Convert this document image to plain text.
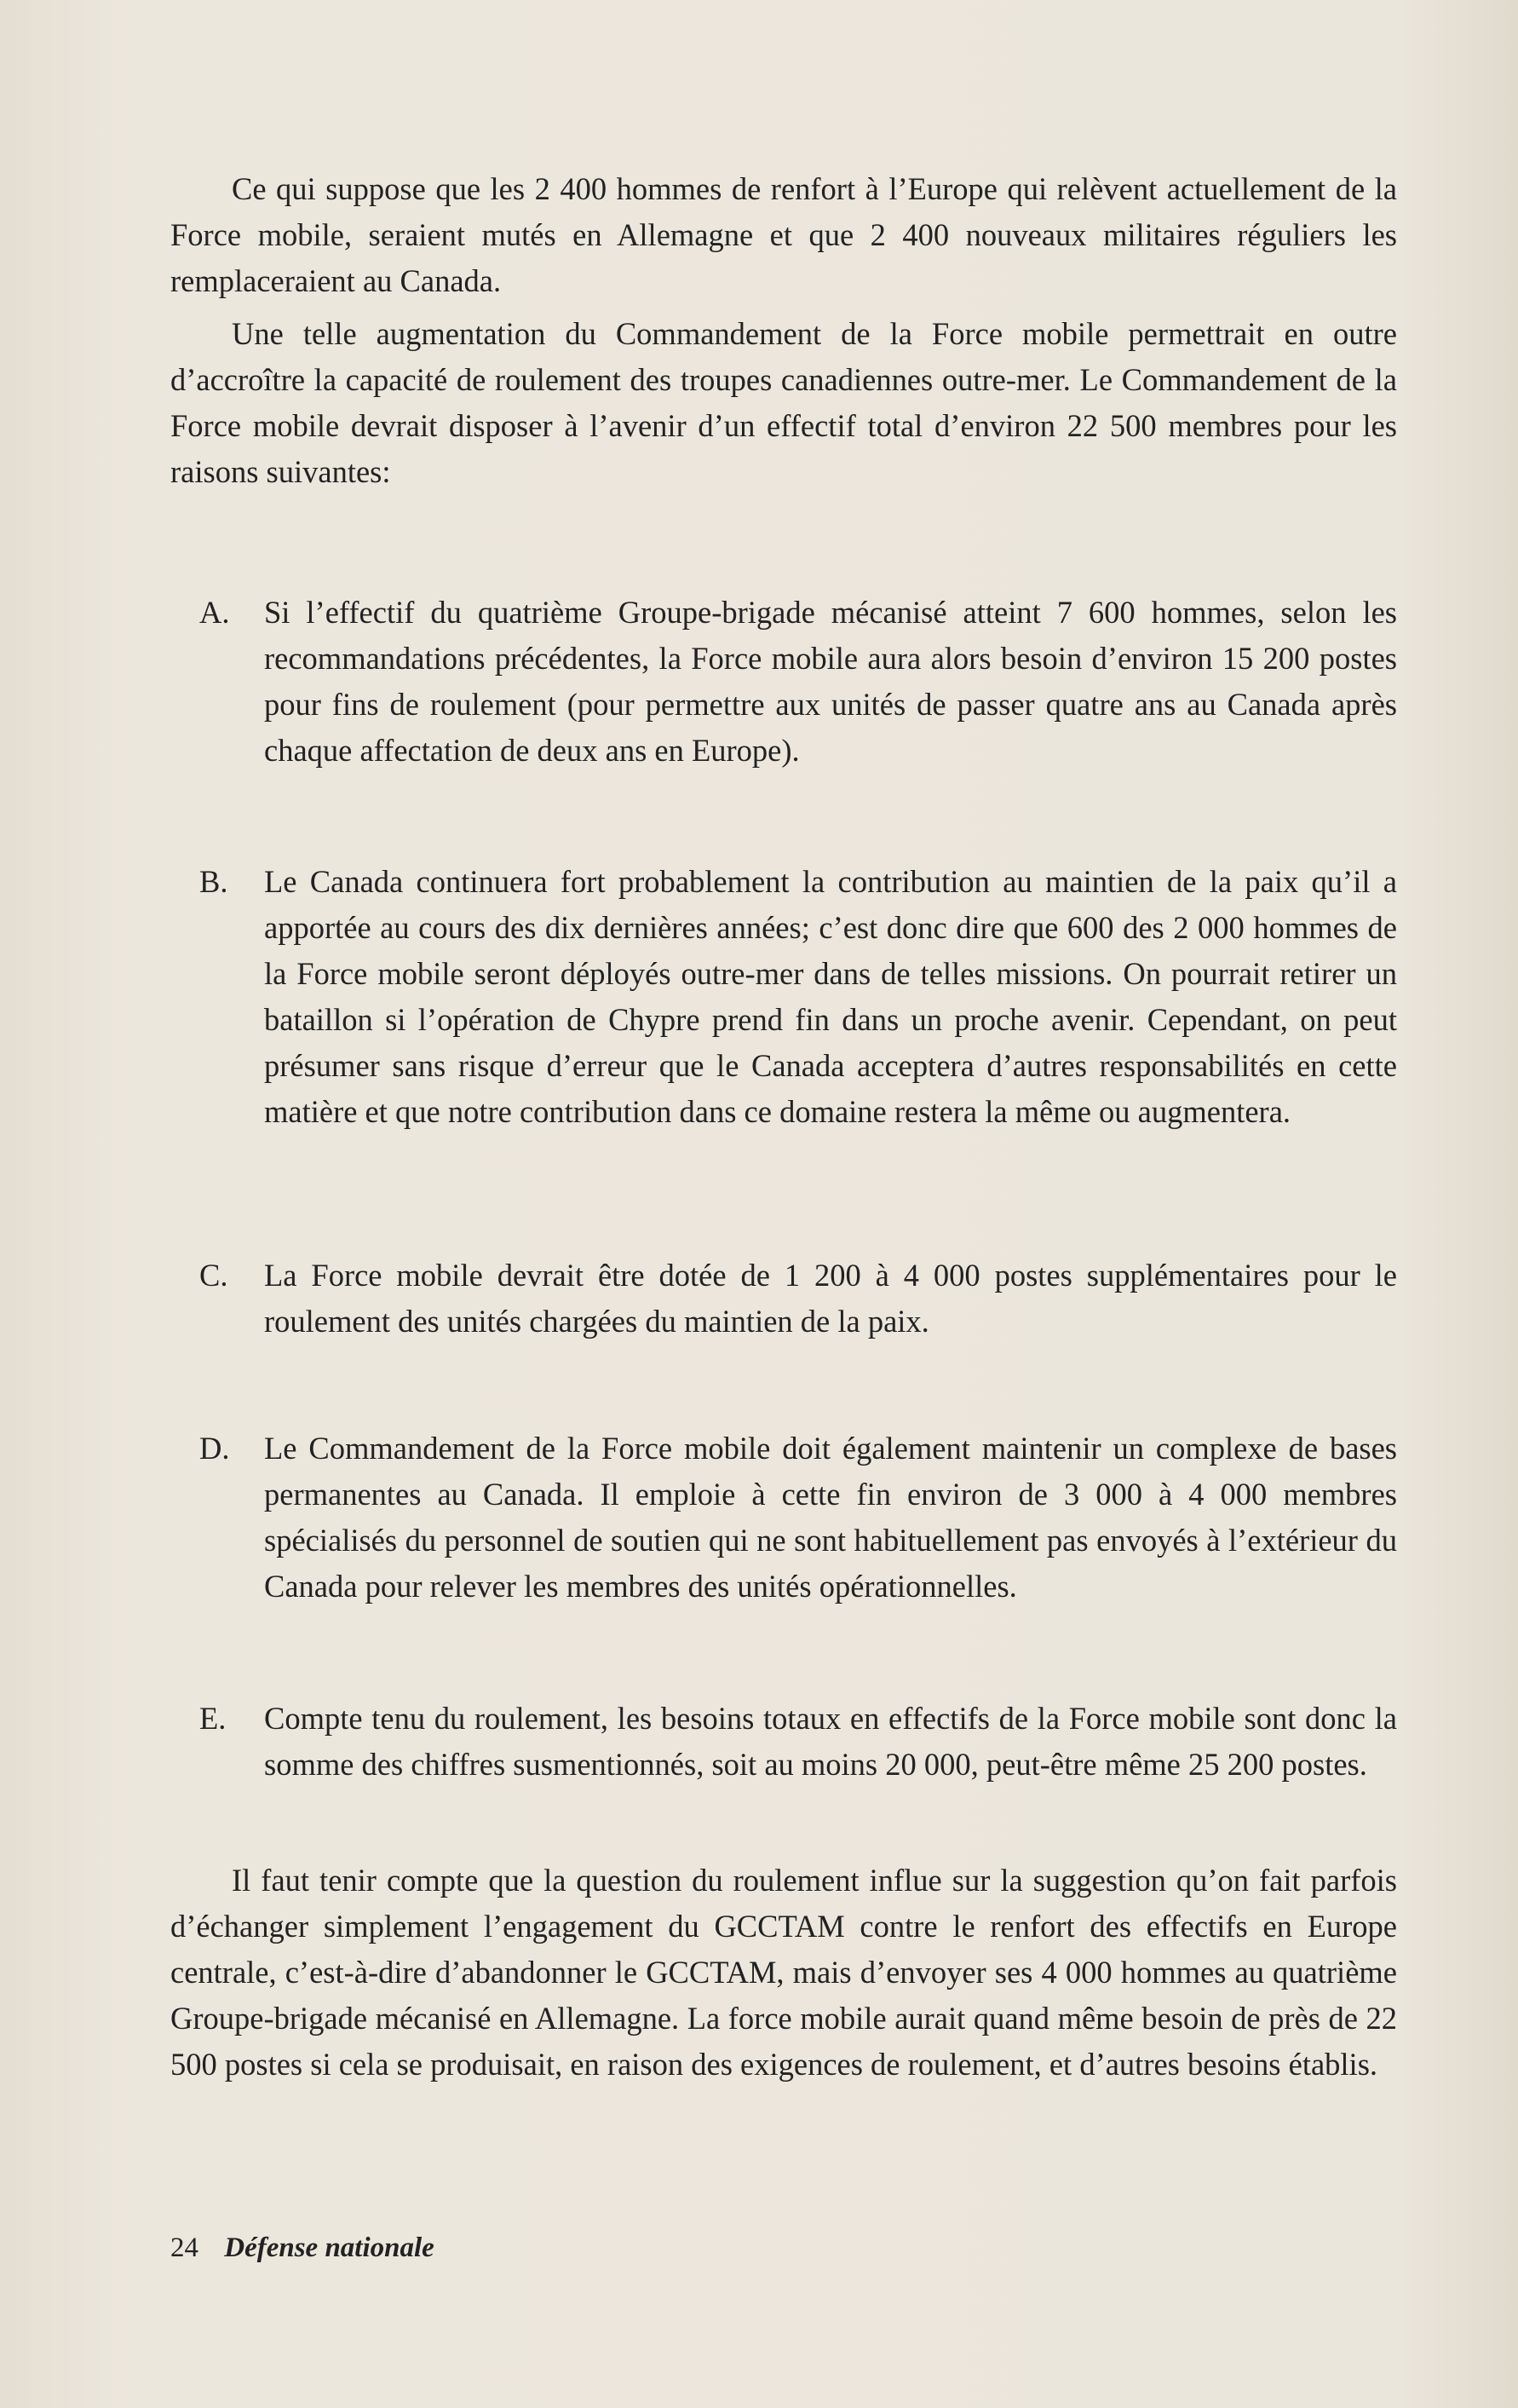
Ce qui suppose que les 2 400 hommes de renfort à l’Europe qui relèvent actuellement de la Force mobile, seraient mutés en Allemagne et que 2 400 nouveaux militaires réguliers les remplaceraient au Canada.

Une telle augmentation du Commandement de la Force mobile permettrait en outre d’accroître la capacité de roulement des troupes canadiennes outre-mer. Le Commandement de la Force mobile devrait disposer à l’avenir d’un effectif total d’environ 22 500 membres pour les raisons suivantes:

A. Si l’effectif du quatrième Groupe-brigade mécanisé atteint 7 600 hommes, selon les recommandations précédentes, la Force mobile aura alors besoin d’environ 15 200 postes pour fins de roulement (pour permettre aux unités de passer quatre ans au Canada après chaque affectation de deux ans en Europe).

B. Le Canada continuera fort probablement la contribution au maintien de la paix qu’il a apportée au cours des dix dernières années; c’est donc dire que 600 des 2 000 hommes de la Force mobile seront déployés outre-mer dans de telles missions. On pourrait retirer un bataillon si l’opération de Chypre prend fin dans un proche avenir. Cependant, on peut présumer sans risque d’erreur que le Canada acceptera d’autres responsabilités en cette matière et que notre contribution dans ce domaine restera la même ou augmentera.

C. La Force mobile devrait être dotée de 1 200 à 4 000 postes supplémentaires pour le roulement des unités chargées du maintien de la paix.

D. Le Commandement de la Force mobile doit également maintenir un complexe de bases permanentes au Canada. Il emploie à cette fin environ de 3 000 à 4 000 membres spécialisés du personnel de soutien qui ne sont habituellement pas envoyés à l’extérieur du Canada pour relever les membres des unités opérationnelles.

E. Compte tenu du roulement, les besoins totaux en effectifs de la Force mobile sont donc la somme des chiffres susmentionnés, soit au moins 20 000, peut-être même 25 200 postes.

Il faut tenir compte que la question du roulement influe sur la suggestion qu’on fait parfois d’échanger simplement l’engagement du GCCTAM contre le renfort des effectifs en Europe centrale, c’est-à-dire d’abandonner le GCCTAM, mais d’envoyer ses 4 000 hommes au quatrième Groupe-brigade mécanisé en Allemagne. La force mobile aurait quand même besoin de près de 22 500 postes si cela se produisait, en raison des exigences de roulement, et d’autres besoins établis.

24 Défense nationale
